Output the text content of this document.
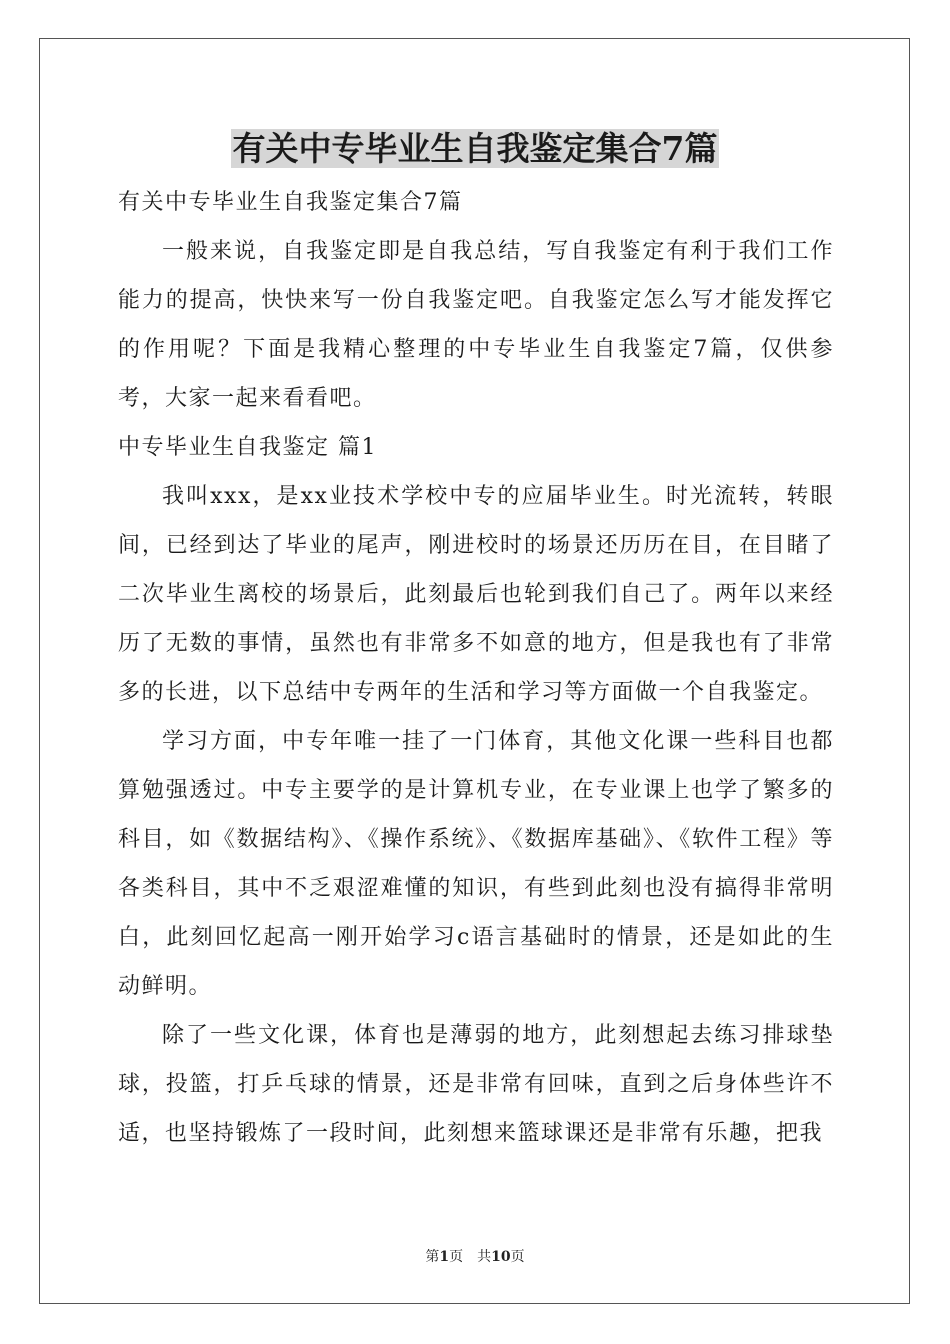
有关中专毕业生自我鉴定集合7篇

有关中专毕业生自我鉴定集合7篇

一般来说，自我鉴定即是自我总结，写自我鉴定有利于我们工作能力的提高，快快来写一份自我鉴定吧。自我鉴定怎么写才能发挥它的作用呢？下面是我精心整理的中专毕业生自我鉴定7篇，仅供参考，大家一起来看看吧。

中专毕业生自我鉴定 篇1

我叫xxx，是xx业技术学校中专的应届毕业生。时光流转，转眼间，已经到达了毕业的尾声，刚进校时的场景还历历在目，在目睹了二次毕业生离校的场景后，此刻最后也轮到我们自己了。两年以来经历了无数的事情，虽然也有非常多不如意的地方，但是我也有了非常多的长进，以下总结中专两年的生活和学习等方面做一个自我鉴定。

学习方面，中专年唯一挂了一门体育，其他文化课一些科目也都算勉强透过。中专主要学的是计算机专业，在专业课上也学了繁多的科目，如《数据结构》、《操作系统》、《数据库基础》、《软件工程》等各类科目，其中不乏艰涩难懂的知识，有些到此刻也没有搞得非常明白，此刻回忆起高一刚开始学习c语言基础时的情景，还是如此的生动鲜明。

除了一些文化课，体育也是薄弱的地方，此刻想起去练习排球垫球，投篮，打乒乓球的情景，还是非常有回味，直到之后身体些许不适，也坚持锻炼了一段时间，此刻想来篮球课还是非常有乐趣，把我

第1页 共10页
